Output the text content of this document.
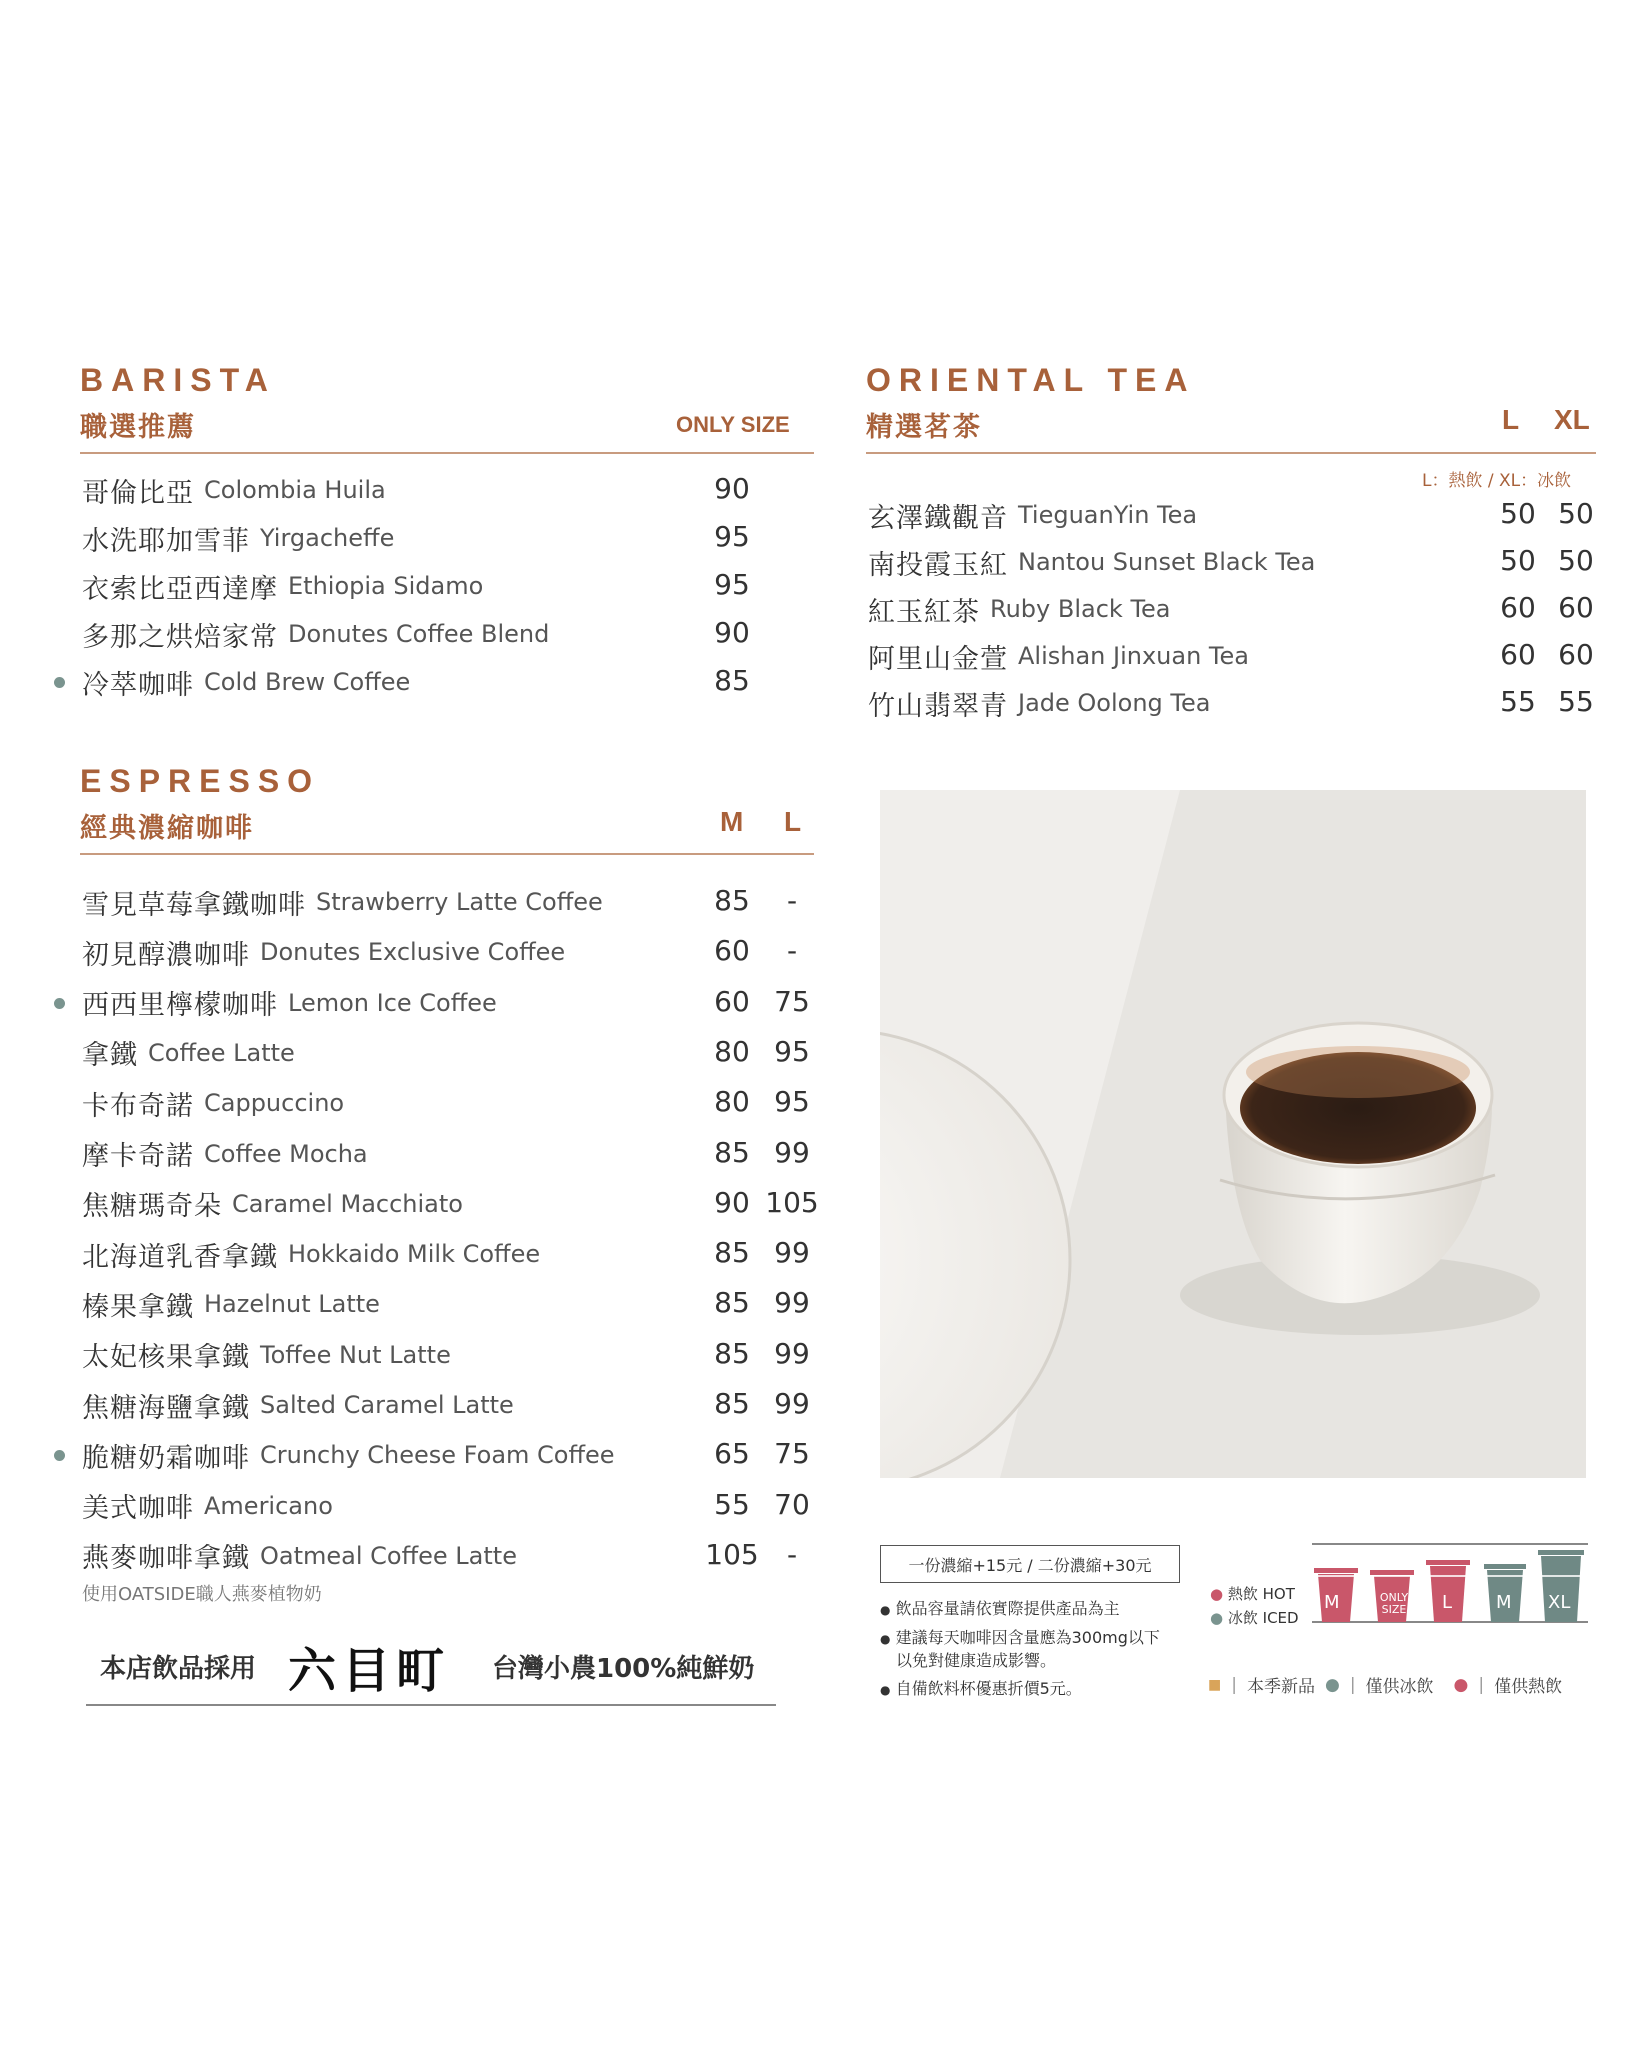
BARISTA
職選推薦	ONLY SIZE
哥倫比亞 Colombia Huila	90
水洗耶加雪菲 Yirgacheffe	95
衣索比亞西達摩 Ethiopia Sidamo	95
多那之烘焙家常 Donutes Coffee Blend	90
冷萃咖啡 Cold Brew Coffee	85
ESPRESSO
經典濃縮咖啡	M L
雪見草莓拿鐵咖啡 Strawberry Latte Coffee	85	-
初見醇濃咖啡 Donutes Exclusive Coffee	60	-
西西里檸檬咖啡 Lemon Ice Coffee	60 75
拿鐵 Coffee Latte	80 95
卡布奇諾 Cappuccino	80 95
摩卡奇諾 Coffee Mocha	85 99
焦糖瑪奇朵 Caramel Macchiato	90 105
北海道乳香拿鐵 Hokkaido Milk Coffee	85 99
榛果拿鐵 Hazelnut Latte	85 99
太妃核果拿鐵 Toffee Nut Latte	85 99
焦糖海鹽拿鐵 Salted Caramel Latte	85 99
脆糖奶霜咖啡 Crunchy Cheese Foam Coffee	65 75
美式咖啡 Americano	55 70
燕麥咖啡拿鐵 Oatmeal Coffee Latte	105	-
使用OATSIDE職人燕麥植物奶
本店飲品採用 六目町 台灣小農100%純鮮奶
ORIENTAL TEA
精選茗茶	L XL
L：熱飲 / XL：冰飲
玄澤鐵觀音 TieguanYin Tea	50 50
南投霞玉紅 Nantou Sunset Black Tea	50 50
紅玉紅茶 Ruby Black Tea	60 60
阿里山金萱 Alishan Jinxuan Tea	60 60
竹山翡翠青 Jade Oolong Tea	55 55
一份濃縮+15元 / 二份濃縮+30元
● 飲品容量請依實際提供產品為主
● 建議每天咖啡因含量應為300mg以下
以免對健康造成影響。
● 自備飲料杯優惠折價5元。
● 熱飲 HOT
● 冰飲 ICED
M	ONLY SIZE	L M XL
■ | 本季新品 ● | 僅供冰飲 ● | 僅供熱飲
